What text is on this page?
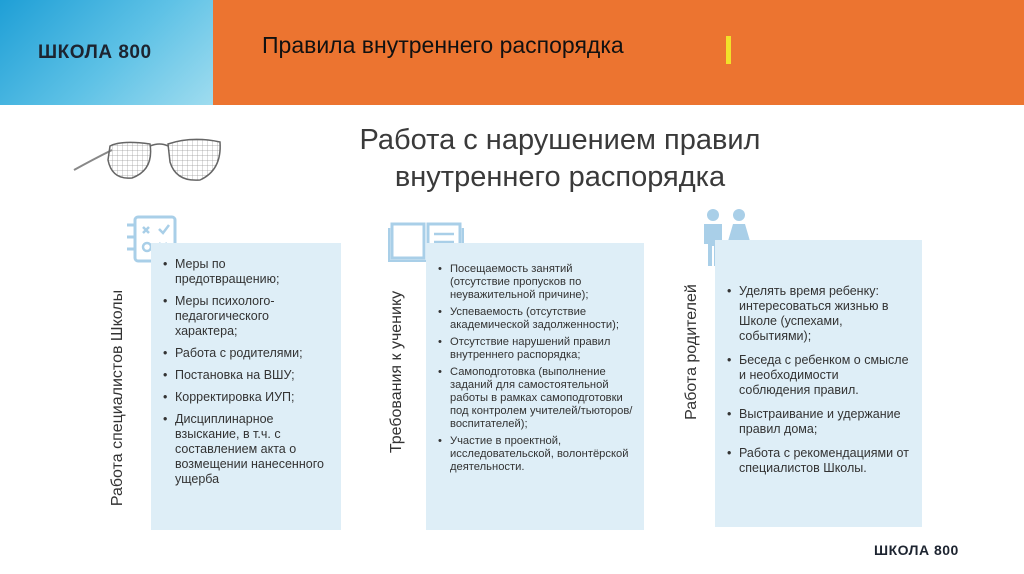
ШКОЛА 800	Правила внутреннего распорядка
Работа с нарушением правил
внутреннего распорядка
Работа специалистов Школы
• Меры по предотвращению;
• Меры психолого-педагогического характера;
• Работа с родителями;
• Постановка на ВШУ;
• Корректировка ИУП;
• Дисциплинарное взыскание, в т.ч. с составлением акта о возмещении нанесенного ущерба
Требования к ученику
• Посещаемость занятий (отсутствие пропусков по неуважительной причине);
• Успеваемость (отсутствие академической задолженности);
• Отсутствие нарушений правил внутреннего распорядка;
• Самоподготовка (выполнение заданий для самостоятельной работы в рамках самоподготовки под контролем учителей/тьюторов/воспитателей);
• Участие в проектной, исследовательской, волонтёрской деятельности.
Работа родителей
•	Уделять время ребенку: интересоваться жизнью в Школе (успехами, событиями);
• Беседа с ребенком о смысле и необходимости соблюдения правил.
• Выстраивание и удержание правил дома;
• Работа с рекомендациями от специалистов Школы.
ШКОЛА 800
